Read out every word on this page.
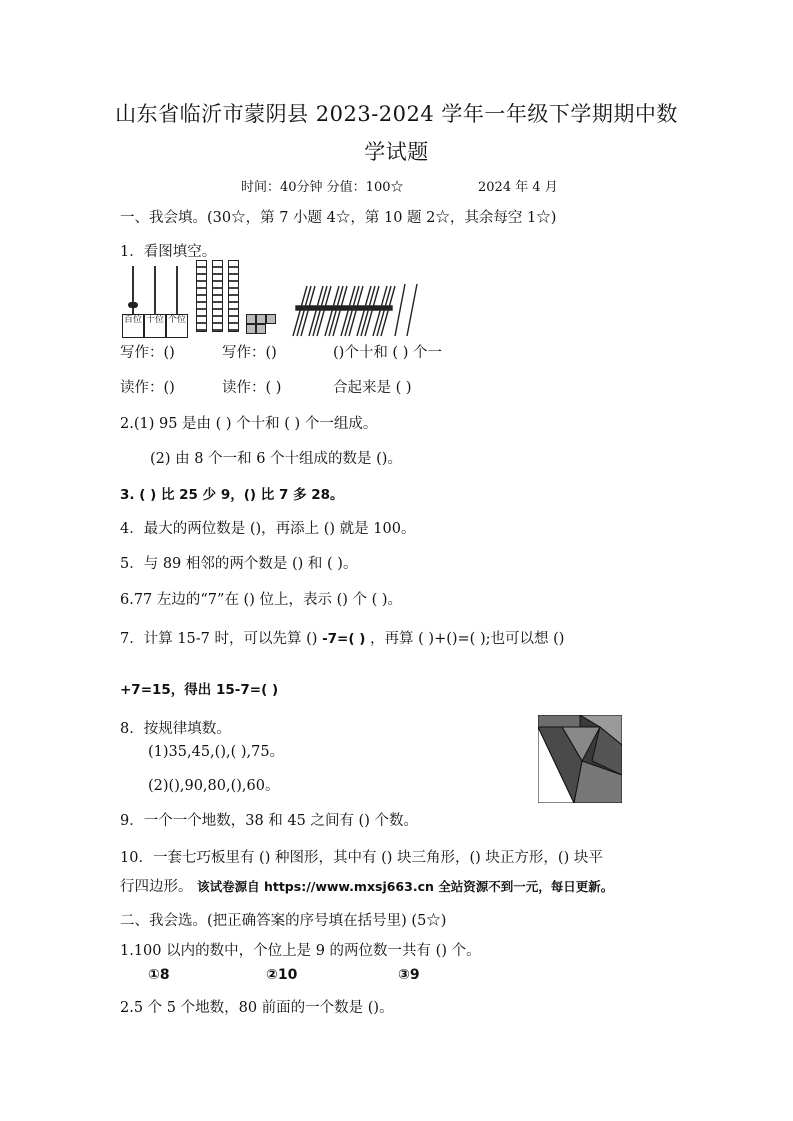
山东省临沂市蒙阴县 2023-2024 学年一年级下学期期中数
学试题
时间：40分钟 分值：100☆	2024 年 4 月
一、我会填。(30☆，第 7 小题 4☆，第 10 题 2☆，其余每空 1☆)
1．看图填空。
百位 十位 个位
写作：()	写作：()	()个十和 ( ) 个一
读作：()	读作：( )	合起来是 ( )
2.(1) 95 是由 ( ) 个十和 ( ) 个一组成。
(2) 由 8 个一和 6 个十组成的数是 ()。
3. ( ) 比 25 少 9，() 比 7 多 28。
4．最大的两位数是 ()，再添上 () 就是 100。
5．与 89 相邻的两个数是 () 和 ( )。
6.77 左边的“7”在 () 位上，表示 () 个 ( )。
7．计算 15-7 时，可以先算 () -7=( ) ，再算 ( )+()=( );也可以想 ()
+7=15，得出 15-7=( )
8．按规律填数。
(1)35,45,(),( ),75。
(2)(),90,80,(),60。
9．一个一个地数，38 和 45 之间有 () 个数。
10．一套七巧板里有 () 种图形，其中有 () 块三角形，() 块正方形，() 块平
行四边形。 该试卷源自 https://www.mxsj663.cn 全站资源不到一元，每日更新。
二、我会选。(把正确答案的序号填在括号里) (5☆)
1.100 以内的数中，个位上是 9 的两位数一共有 () 个。
①8	②10	③9
2.5 个 5 个地数，80 前面的一个数是 ()。
